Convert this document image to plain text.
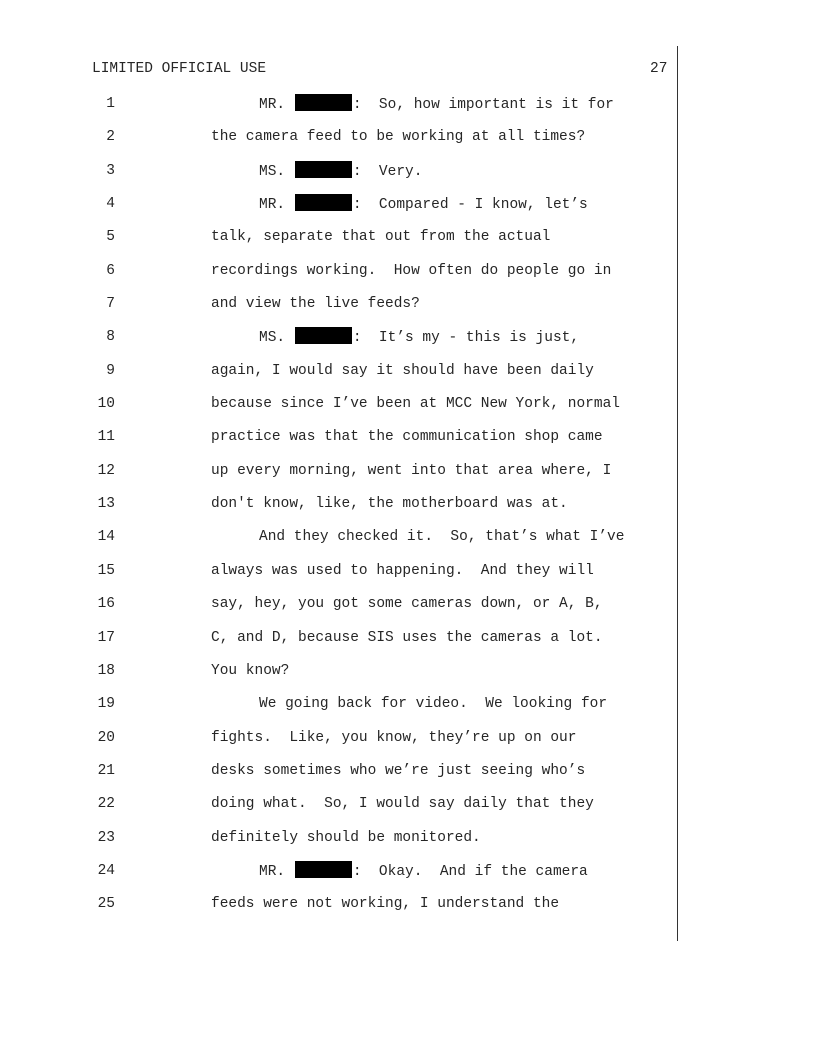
LIMITED OFFICIAL USE	27
1	MR.	:  So, how important is it for
2	the camera feed to be working at all times?
3	MS.	:  Very.
4	MR.	:  Compared - I know, let’s
5	talk, separate that out from the actual
6	recordings working.  How often do people go in
7	and view the live feeds?
8	MS.	:  It’s my - this is just,
9	again, I would say it should have been daily
10	because since I’ve been at MCC New York, normal
11	practice was that the communication shop came
12	up every morning, went into that area where, I
13	don't know, like, the motherboard was at.
14	And they checked it.  So, that’s what I’ve
15	always was used to happening.  And they will
16	say, hey, you got some cameras down, or A, B,
17	C, and D, because SIS uses the cameras a lot.
18	You know?
19	We going back for video.  We looking for
20	fights.  Like, you know, they’re up on our
21	desks sometimes who we’re just seeing who’s
22	doing what.  So, I would say daily that they
23	definitely should be monitored.
24	MR.	:  Okay.  And if the camera
25	feeds were not working, I understand the
